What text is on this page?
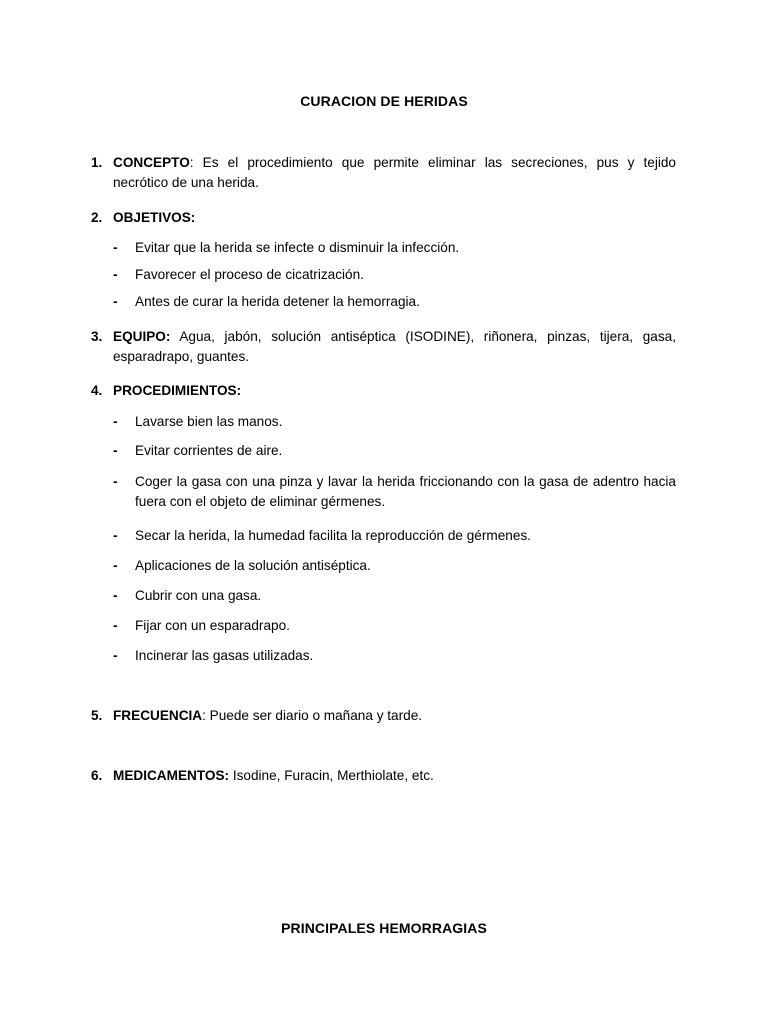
CURACION DE HERIDAS
1. CONCEPTO: Es el procedimiento que permite eliminar las secreciones, pus y tejido necrótico de una herida.
2. OBJETIVOS:
- Evitar que la herida se infecte o disminuir la infección.
- Favorecer el proceso de cicatrización.
- Antes de curar la herida detener la hemorragia.
3. EQUIPO: Agua, jabón, solución antiséptica (ISODINE), riñonera, pinzas, tijera, gasa, esparadrapo, guantes.
4. PROCEDIMIENTOS:
- Lavarse bien las manos.
- Evitar corrientes de aire.
- Coger la gasa con una pinza y lavar la herida friccionando con la gasa de adentro hacia fuera con el objeto de eliminar gérmenes.
- Secar la herida, la humedad facilita la reproducción de gérmenes.
- Aplicaciones de la solución antiséptica.
- Cubrir con una gasa.
- Fijar con un esparadrapo.
- Incinerar las gasas utilizadas.
5. FRECUENCIA: Puede ser diario o mañana y tarde.
6. MEDICAMENTOS: Isodine, Furacin, Merthiolate, etc.
PRINCIPALES HEMORRAGIAS
